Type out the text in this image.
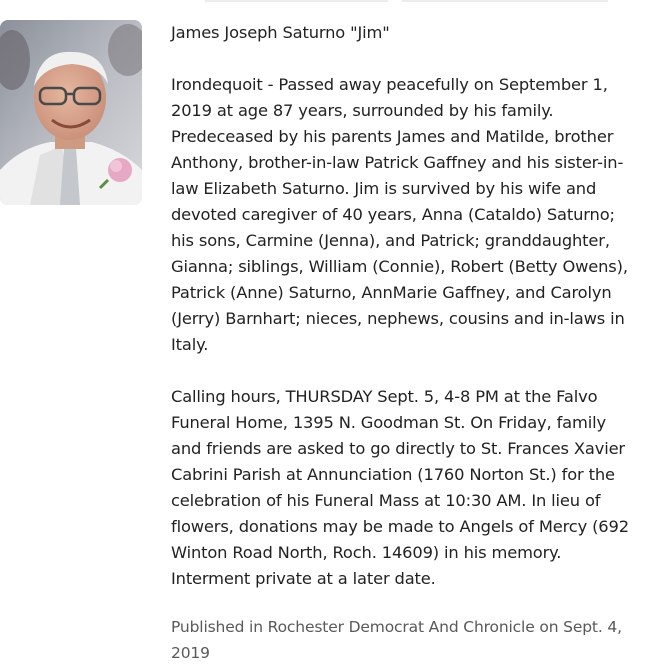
James Joseph Saturno "Jim"

Irondequoit - Passed away peacefully on September 1, 2019 at age 87 years, surrounded by his family. Predeceased by his parents James and Matilde, brother Anthony, brother-in-law Patrick Gaffney and his sister-in-law Elizabeth Saturno. Jim is survived by his wife and devoted caregiver of 40 years, Anna (Cataldo) Saturno; his sons, Carmine (Jenna), and Patrick; granddaughter, Gianna; siblings, William (Connie), Robert (Betty Owens), Patrick (Anne) Saturno, AnnMarie Gaffney, and Carolyn (Jerry) Barnhart; nieces, nephews, cousins and in-laws in Italy.

Calling hours, THURSDAY Sept. 5, 4-8 PM at the Falvo Funeral Home, 1395 N. Goodman St. On Friday, family and friends are asked to go directly to St. Frances Xavier Cabrini Parish at Annunciation (1760 Norton St.) for the celebration of his Funeral Mass at 10:30 AM. In lieu of flowers, donations may be made to Angels of Mercy (692 Winton Road North, Roch. 14609) in his memory. Interment private at a later date.

Published in Rochester Democrat And Chronicle on Sept. 4, 2019
